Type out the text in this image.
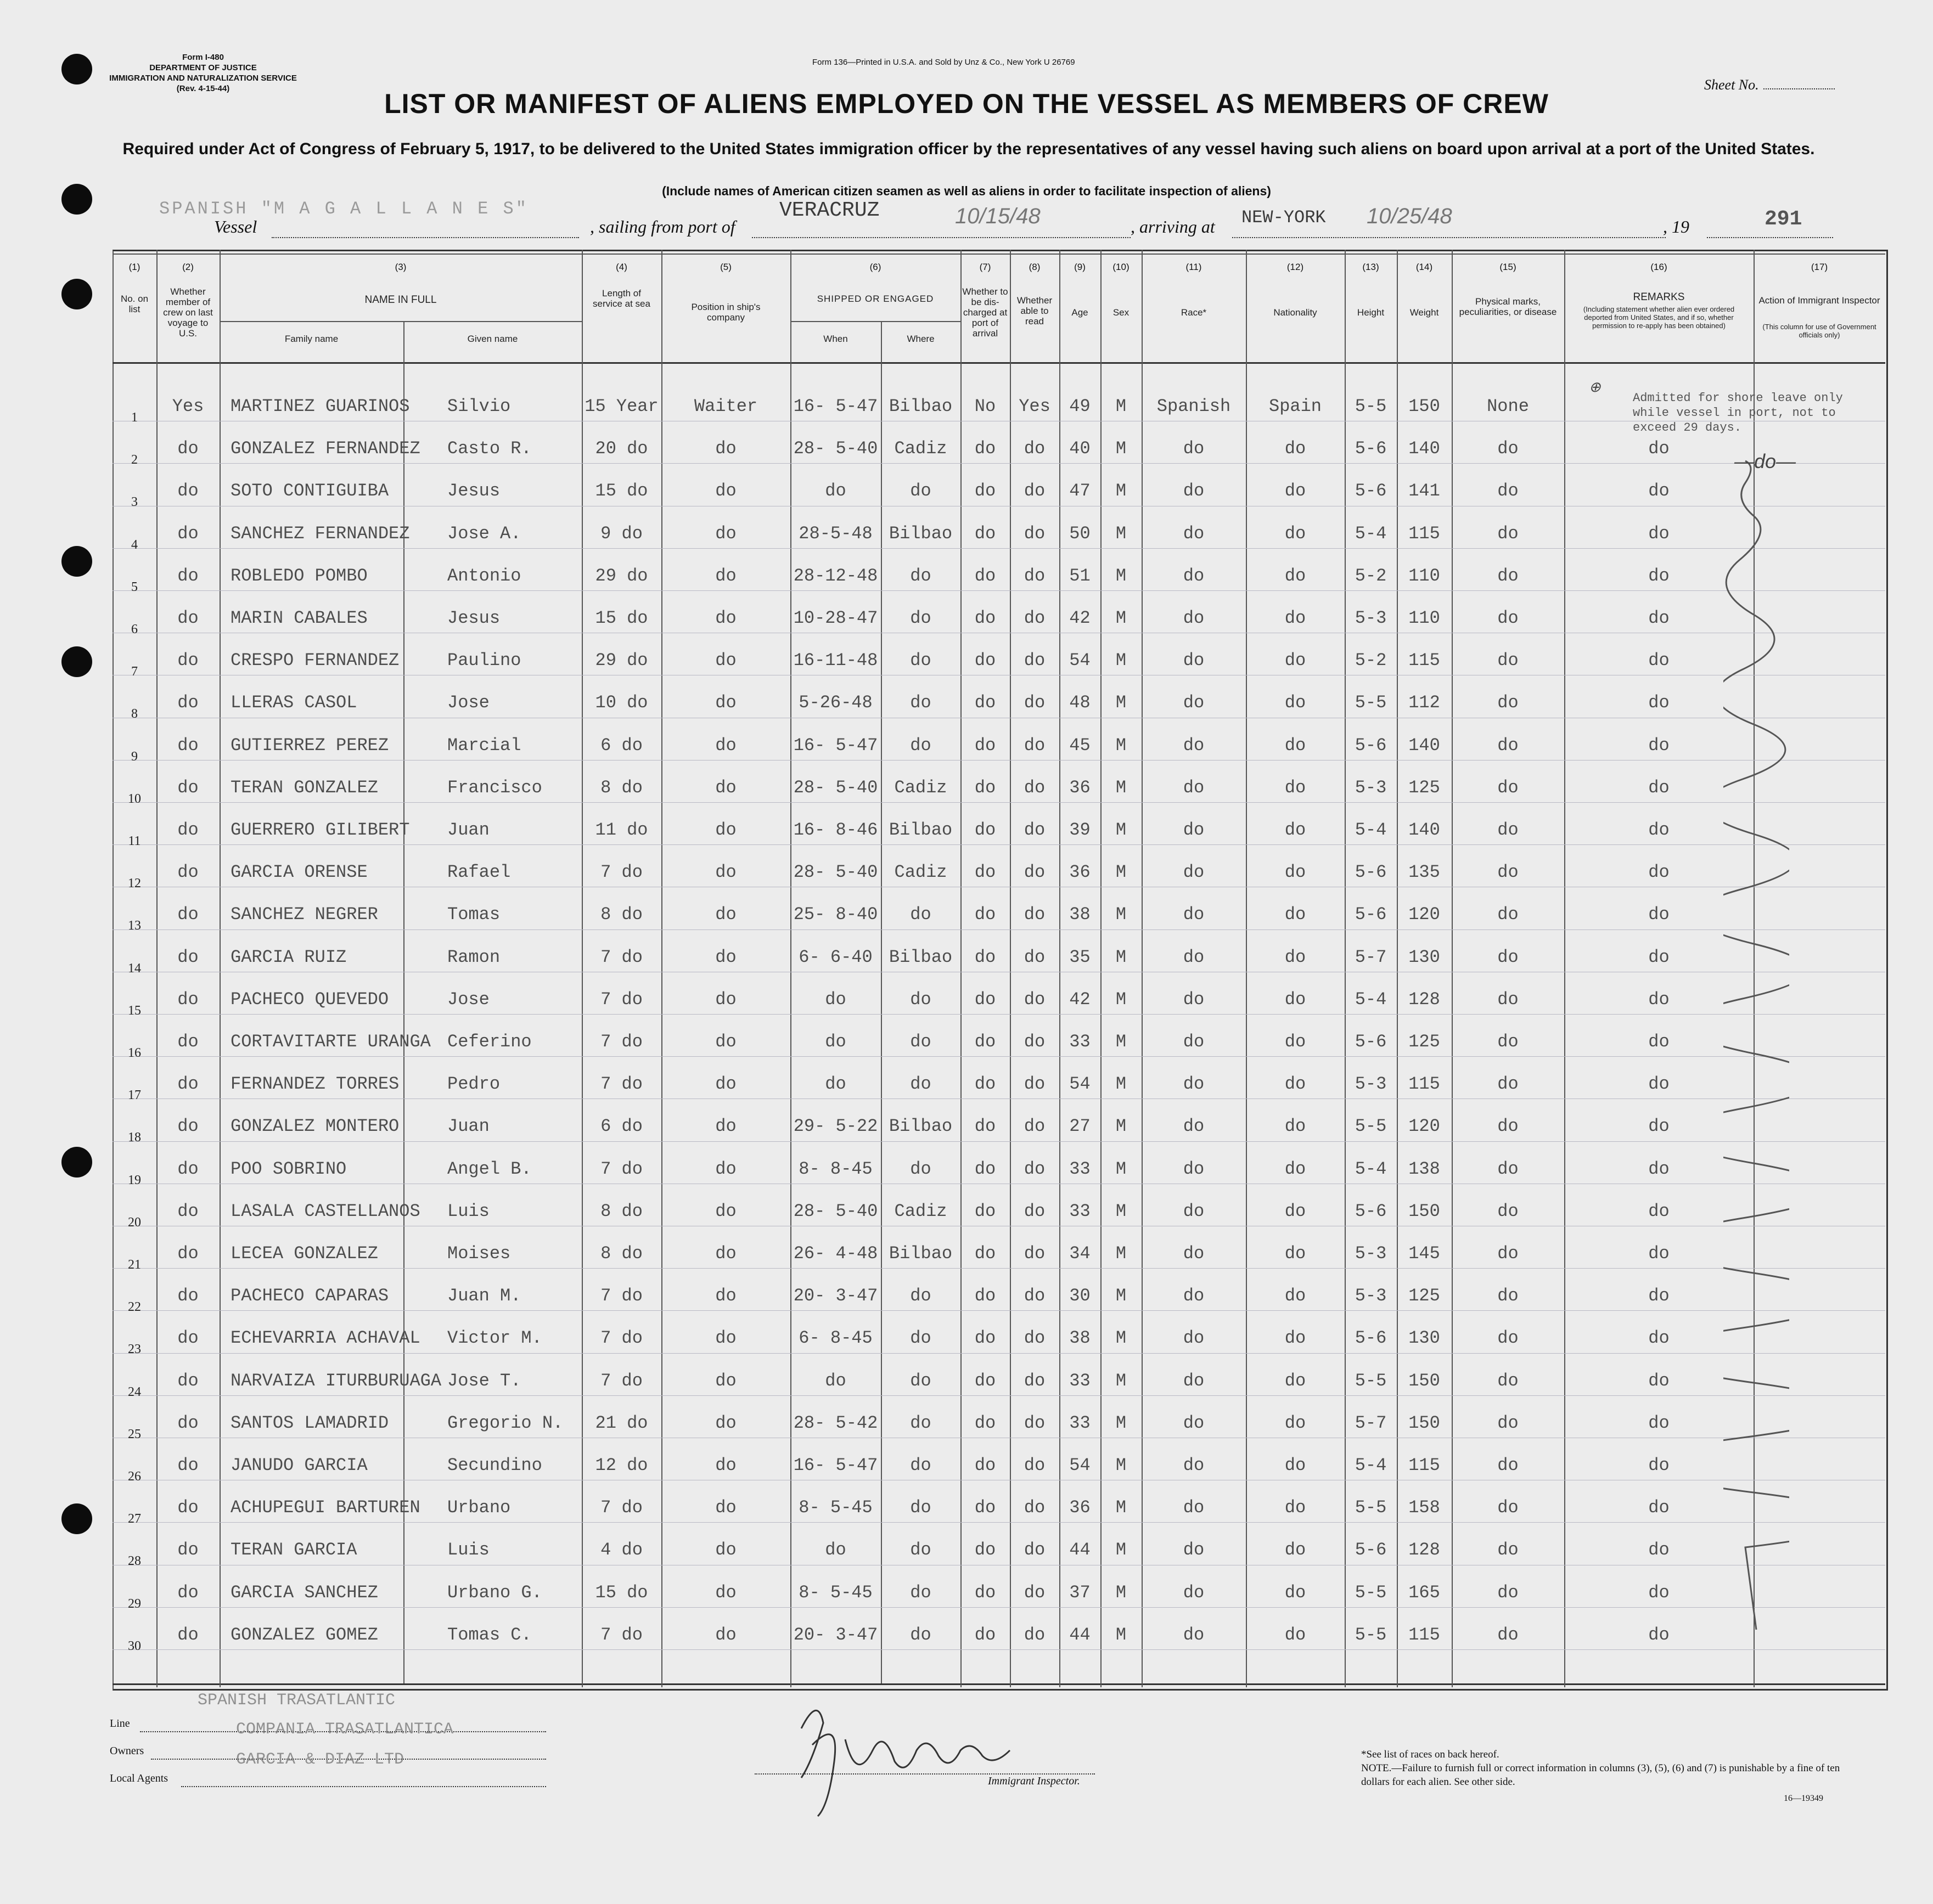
Form I-480
DEPARTMENT OF JUSTICE
IMMIGRATION AND NATURALIZATION SERVICE
(Rev. 4-15-44)
Form 136—Printed in U.S.A. and Sold by Unz & Co., New York U 26769
Sheet No.
LIST OR MANIFEST OF ALIENS EMPLOYED ON THE VESSEL AS MEMBERS OF CREW
Required under Act of Congress of February 5, 1917, to be delivered to the United States immigration officer by the representatives of any vessel having such aliens on board upon arrival at a port of the United States.
(Include names of American citizen seamen as well as aliens in order to facilitate inspection of aliens)
SPANISH "M A G A L L A N E S"
Vessel	, sailing from port of
VERACRUZ	10/15/48	, arriving at NEW-YORK 10/25/48	, 19	291
(1)	(2)	(3)	(4)	(5)	(6)	(7)	(8)	(9)	(10)	(11)	(12)	(13)	(14)	(15)	(16)	(17)
No. on list
Whether member of crew on last voyage to U.S.
NAME IN FULL
Family name	Given name
Length of service at sea	Position in ship's company
SHIPPED OR ENGAGED
When	Where
Whether to be dis-charged at port of arrival
Whether able to read
Age	Sex	Race*	Nationality	Height	Weight
Physical marks, peculiarities, or disease
REMARKS
(Including statement whether alien ever ordered deported from United States, and if so, whether permission to re-apply has been obtained)
Action of Immigrant Inspector
(This column for use of Government officials only)
1
Yes	MARTINEZ GUARINOS Silvio	15 Year	Waiter	16- 5-47 Bilbao	No	Yes	49	M	Spanish	Spain	5-5	150	None
2
do	GONZALEZ FERNANDEZ Casto R.	20 do	do	28- 5-40 Cadiz	do	do	40	M	do	do	5-6	140	do	do
3
do	SOTO CONTIGUIBA	Jesus	15 do	do	do	do	do	do	47	M	do	do	5-6	141	do	do
4
do	SANCHEZ FERNANDEZ Jose A.	9 do	do	28-5-48 Bilbao	do	do	50	M	do	do	5-4	115	do	do
5
do	ROBLEDO POMBO	Antonio	29 do	do	28-12-48	do	do	do	51	M	do	do	5-2	110	do	do
6
do	MARIN CABALES	Jesus	15 do	do	10-28-47	do	do	do	42	M	do	do	5-3	110	do	do
7
do	CRESPO FERNANDEZ	Paulino	29 do	do	16-11-48	do	do	do	54	M	do	do	5-2	115	do	do
8
do	LLERAS CASOL	Jose	10 do	do	5-26-48	do	do	do	48	M	do	do	5-5	112	do	do
9
do	GUTIERREZ PEREZ	Marcial	6 do	do	16- 5-47	do	do	do	45	M	do	do	5-6	140	do	do
10
do	TERAN GONZALEZ	Francisco	8 do	do	28- 5-40 Cadiz	do	do	36	M	do	do	5-3	125	do	do
11
do	GUERRERO GILIBERT Juan	11 do	do	16- 8-46 Bilbao	do	do	39	M	do	do	5-4	140	do	do
12
do	GARCIA ORENSE	Rafael	7 do	do	28- 5-40 Cadiz	do	do	36	M	do	do	5-6	135	do	do
13
do	SANCHEZ NEGRER	Tomas	8 do	do	25- 8-40	do	do	do	38	M	do	do	5-6	120	do	do
14
do	GARCIA RUIZ	Ramon	7 do	do	6- 6-40 Bilbao	do	do	35	M	do	do	5-7	130	do	do
15
do	PACHECO QUEVEDO	Jose	7 do	do	do	do	do	do	42	M	do	do	5-4	128	do	do
16
do	CORTAVITARTE URANGA Ceferino	7 do	do	do	do	do	do	33	M	do	do	5-6	125	do	do
17
do	FERNANDEZ TORRES	Pedro	7 do	do	do	do	do	do	54	M	do	do	5-3	115	do	do
18
do	GONZALEZ MONTERO	Juan	6 do	do	29- 5-22 Bilbao	do	do	27	M	do	do	5-5	120	do	do
19
do	POO SOBRINO	Angel B.	7 do	do	8- 8-45	do	do	do	33	M	do	do	5-4	138	do	do
20
do	LASALA CASTELLANOS Luis	8 do	do	28- 5-40 Cadiz	do	do	33	M	do	do	5-6	150	do	do
21
do	LECEA GONZALEZ	Moises	8 do	do	26- 4-48 Bilbao	do	do	34	M	do	do	5-3	145	do	do
22
do	PACHECO CAPARAS	Juan M.	7 do	do	20- 3-47	do	do	do	30	M	do	do	5-3	125	do	do
23
do	ECHEVARRIA ACHAVAL Victor M.	7 do	do	6- 8-45	do	do	do	38	M	do	do	5-6	130	do	do
24
do	NARVAIZA ITURBURUAGA Jose T.	7 do	do	do	do	do	do	33	M	do	do	5-5	150	do	do
25
do	SANTOS LAMADRID	Gregorio N.	21 do	do	28- 5-42	do	do	do	33	M	do	do	5-7	150	do	do
26
do	JANUDO GARCIA	Secundino	12 do	do	16- 5-47	do	do	do	54	M	do	do	5-4	115	do	do
27
do	ACHUPEGUI BARTUREN Urbano	7 do	do	8- 5-45	do	do	do	36	M	do	do	5-5	158	do	do
28
do	TERAN GARCIA	Luis	4 do	do	do	do	do	do	44	M	do	do	5-6	128	do	do
29
do	GARCIA SANCHEZ	Urbano G.	15 do	do	8- 5-45	do	do	do	37	M	do	do	5-5	165	do	do
30
do	GONZALEZ GOMEZ	Tomas C.	7 do	do	20- 3-47	do	do	do	44	M	do	do	5-5	115	do	do
Admitted for shore leave only while vessel in port, not to exceed 29 days.
⊕
—do—
Line
SPANISH TRASATLANTIC
Owners
COMPANIA TRASATLANTICA
Local Agents
GARCIA & DIAZ LTD
Immigrant Inspector.
*See list of races on back hereof.
NOTE.—Failure to furnish full or correct information in columns (3), (5), (6) and (7) is punishable by a fine of ten dollars for each alien. See other side.
16—19349
